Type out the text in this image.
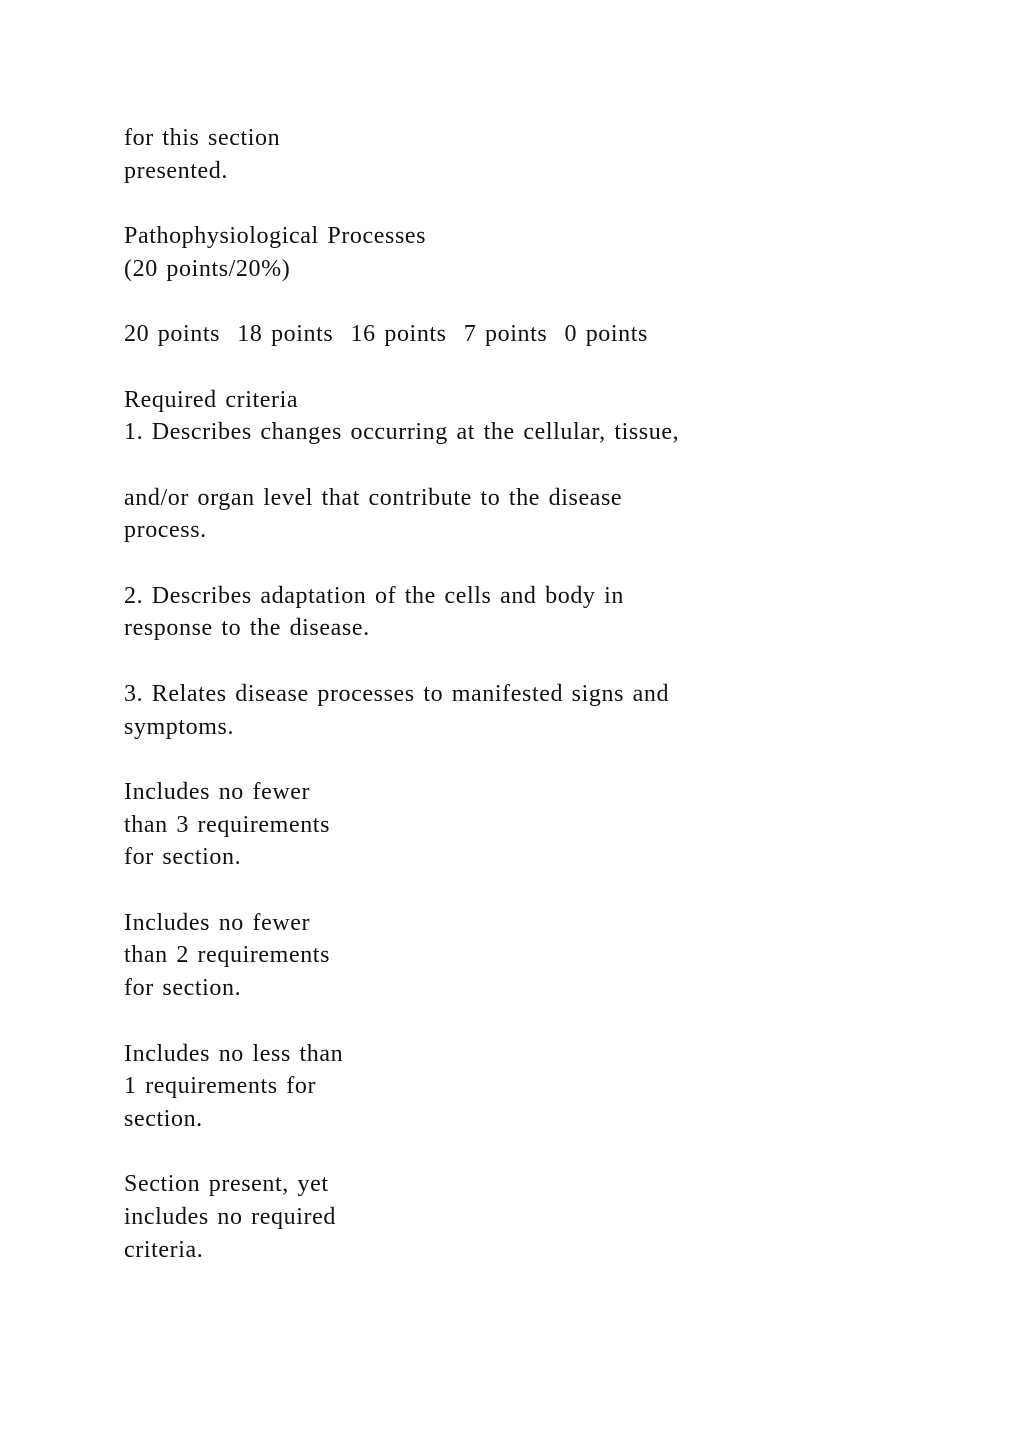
for this section
presented.

Pathophysiological Processes
(20 points/20%)

20 points  18 points  16 points  7 points  0 points

Required criteria
1. Describes changes occurring at the cellular, tissue,

and/or organ level that contribute to the disease
process.

2. Describes adaptation of the cells and body in
response to the disease.

3. Relates disease processes to manifested signs and
symptoms.

Includes no fewer
than 3 requirements
for section.

Includes no fewer
than 2 requirements
for section.

Includes no less than
1 requirements for
section.

Section present, yet
includes no required
criteria.
